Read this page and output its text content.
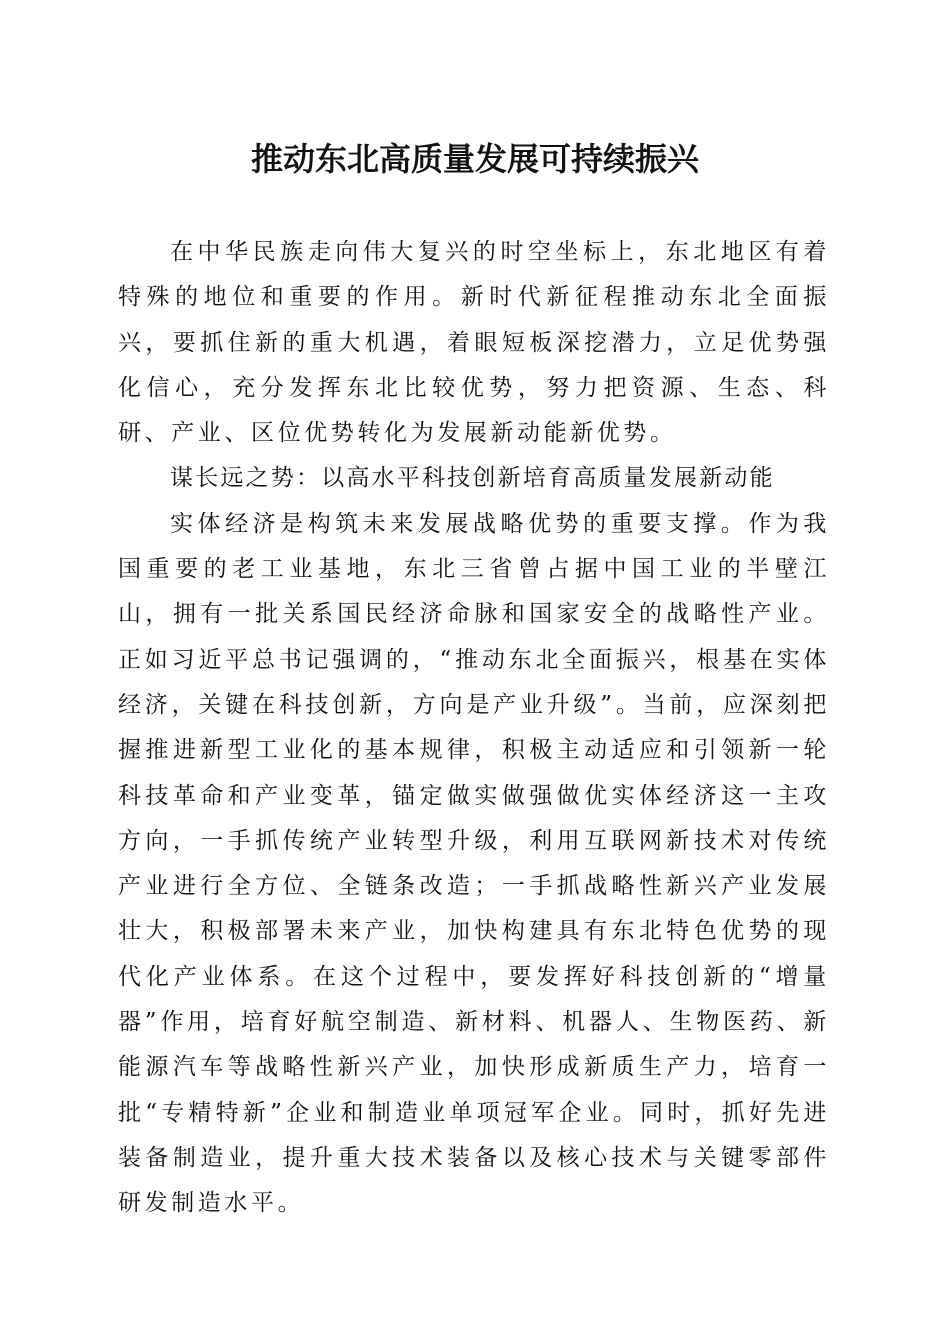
推动东北高质量发展可持续振兴

在中华民族走向伟大复兴的时空坐标上，东北地区有着特殊的地位和重要的作用。新时代新征程推动东北全面振兴，要抓住新的重大机遇，着眼短板深挖潜力，立足优势强化信心，充分发挥东北比较优势，努力把资源、生态、科研、产业、区位优势转化为发展新动能新优势。

谋长远之势：以高水平科技创新培育高质量发展新动能

实体经济是构筑未来发展战略优势的重要支撑。作为我国重要的老工业基地，东北三省曾占据中国工业的半壁江山，拥有一批关系国民经济命脉和国家安全的战略性产业。正如习近平总书记强调的，“推动东北全面振兴，根基在实体经济，关键在科技创新，方向是产业升级”。当前，应深刻把握推进新型工业化的基本规律，积极主动适应和引领新一轮科技革命和产业变革，锚定做实做强做优实体经济这一主攻方向，一手抓传统产业转型升级，利用互联网新技术对传统产业进行全方位、全链条改造；一手抓战略性新兴产业发展壮大，积极部署未来产业，加快构建具有东北特色优势的现代化产业体系。在这个过程中，要发挥好科技创新的“增量器”作用，培育好航空制造、新材料、机器人、生物医药、新能源汽车等战略性新兴产业，加快形成新质生产力，培育一批“专精特新”企业和制造业单项冠军企业。同时，抓好先进装备制造业，提升重大技术装备以及核心技术与关键零部件研发制造水平。
